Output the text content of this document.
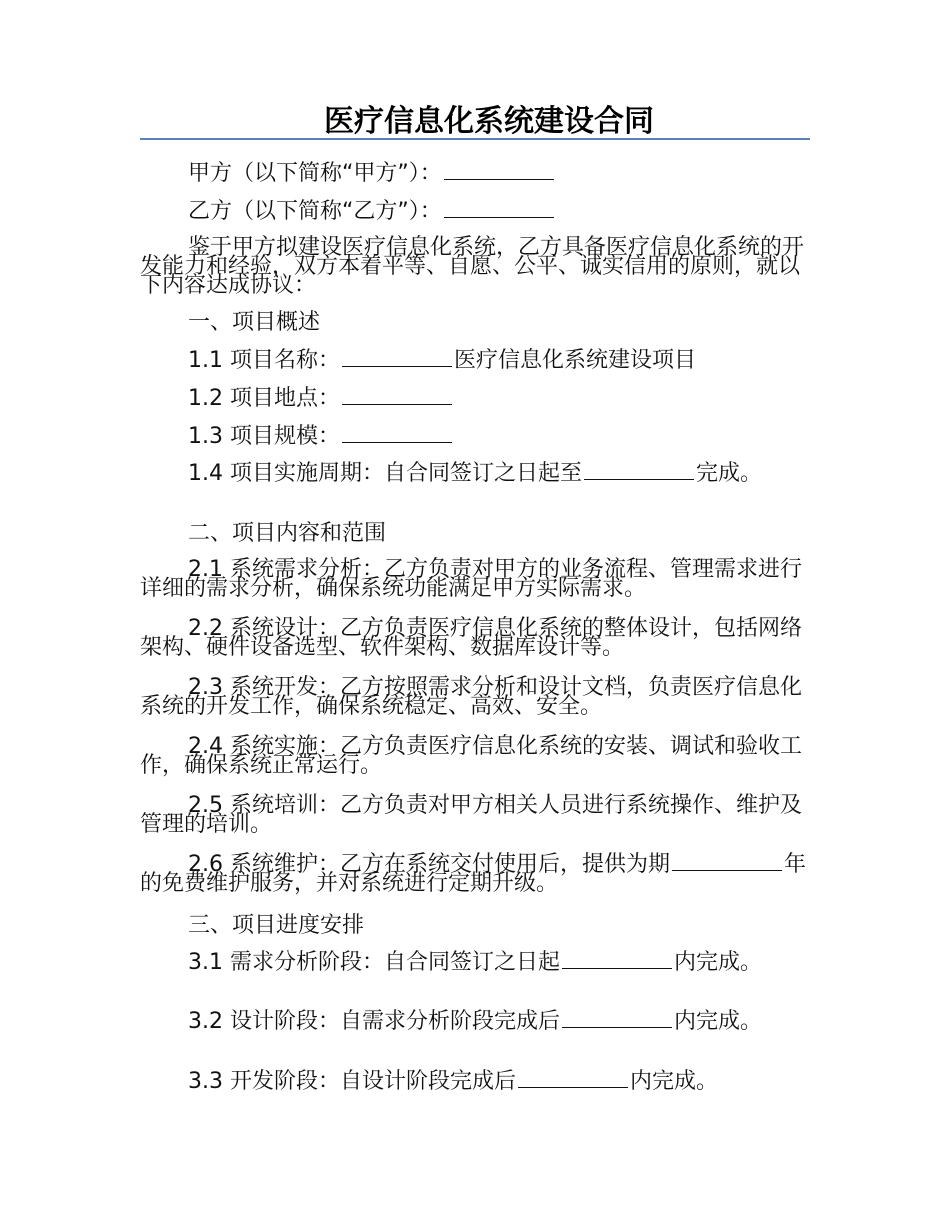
医疗信息化系统建设合同

甲方（以下简称“甲方”）：

乙方（以下简称“乙方”）：

鉴于甲方拟建设医疗信息化系统，乙方具备医疗信息化系统的开发能力和经验，双方本着平等、自愿、公平、诚实信用的原则，就以下内容达成协议：

一、项目概述

1.1 项目名称：	医疗信息化系统建设项目

1.2 项目地点：

1.3 项目规模：

1.4 项目实施周期：自合同签订之日起至	完成。

二、项目内容和范围

2.1 系统需求分析：乙方负责对甲方的业务流程、管理需求进行详细的需求分析，确保系统功能满足甲方实际需求。

2.2 系统设计：乙方负责医疗信息化系统的整体设计，包括网络架构、硬件设备选型、软件架构、数据库设计等。

2.3 系统开发：乙方按照需求分析和设计文档，负责医疗信息化系统的开发工作，确保系统稳定、高效、安全。

2.4 系统实施：乙方负责医疗信息化系统的安装、调试和验收工作，确保系统正常运行。

2.5 系统培训：乙方负责对甲方相关人员进行系统操作、维护及管理的培训。

2.6 系统维护：乙方在系统交付使用后，提供为期	年的免费维护服务，并对系统进行定期升级。

三、项目进度安排

3.1 需求分析阶段：自合同签订之日起	内完成。

3.2 设计阶段：自需求分析阶段完成后	内完成。

3.3 开发阶段：自设计阶段完成后	内完成。
